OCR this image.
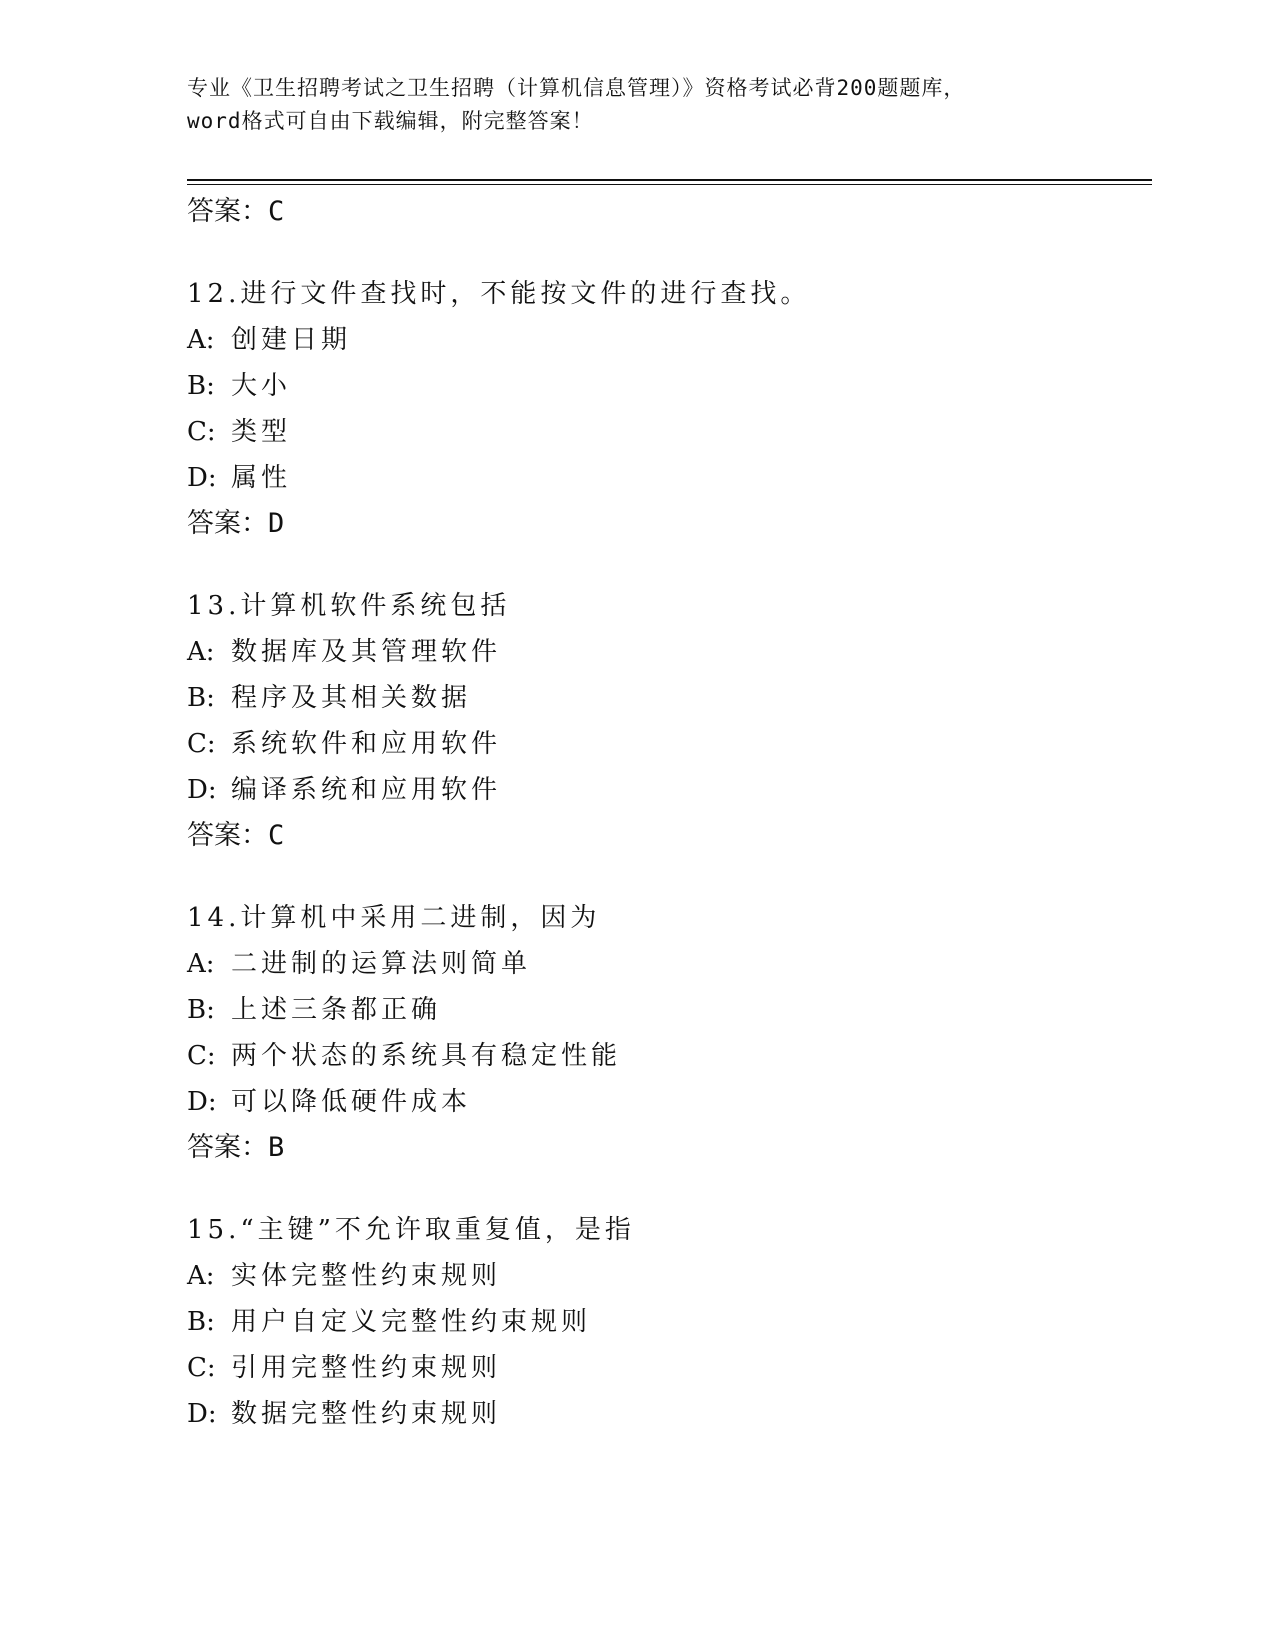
专业《卫生招聘考试之卫生招聘（计算机信息管理）》资格考试必背200题题库，
word格式可自由下载编辑，附完整答案！
答案：C
12.进行文件查找时，不能按文件的进行查找。
A: 创建日期
B: 大小
C: 类型
D: 属性
答案：D
13.计算机软件系统包括
A: 数据库及其管理软件
B: 程序及其相关数据
C: 系统软件和应用软件
D: 编译系统和应用软件
答案：C
14.计算机中采用二进制，因为
A: 二进制的运算法则简单
B: 上述三条都正确
C: 两个状态的系统具有稳定性能
D: 可以降低硬件成本
答案：B
15.“主键”不允许取重复值，是指
A: 实体完整性约束规则
B: 用户自定义完整性约束规则
C: 引用完整性约束规则
D: 数据完整性约束规则
